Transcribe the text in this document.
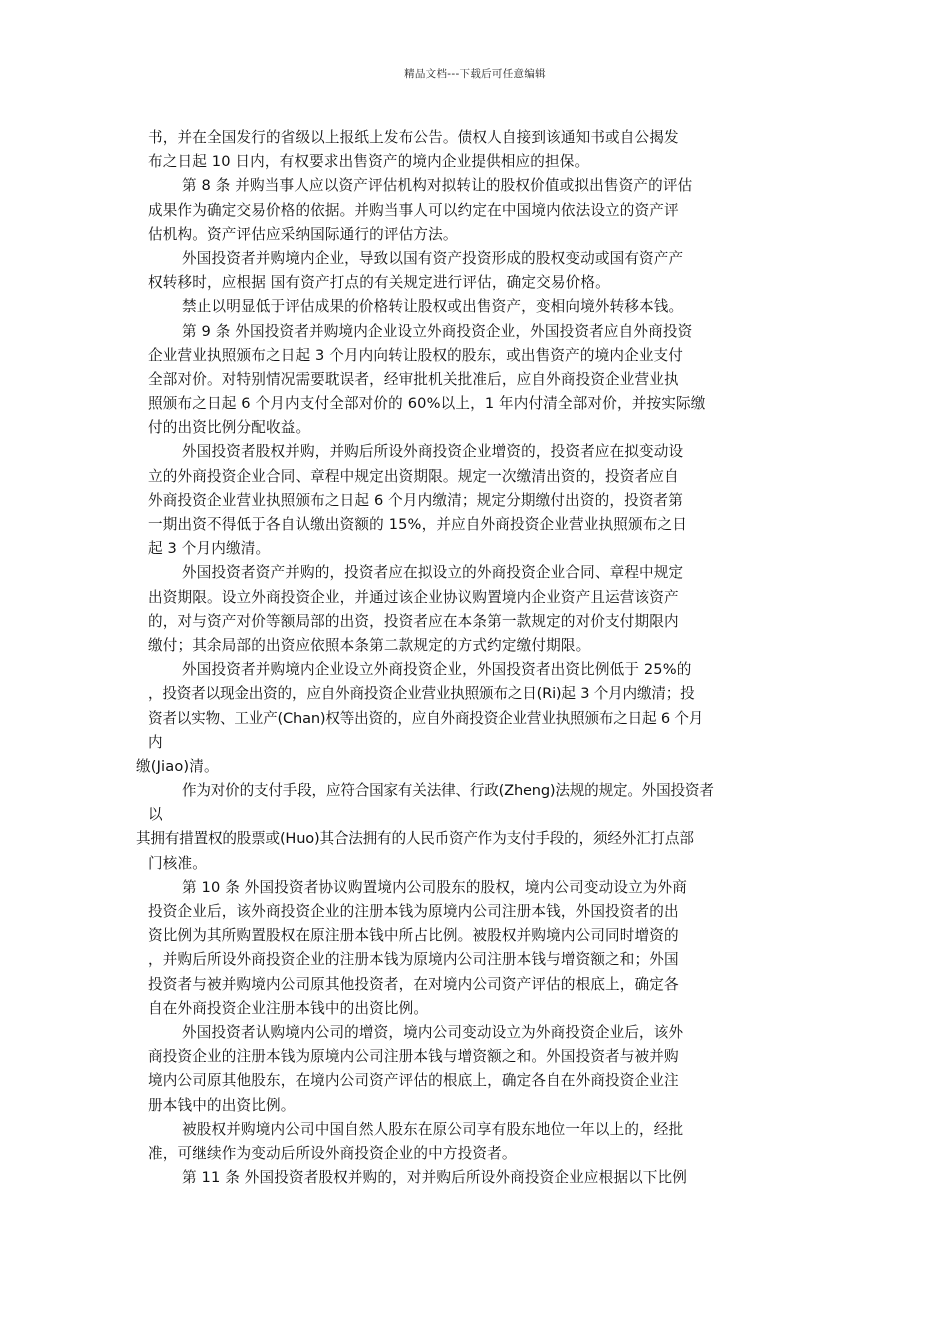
精品文档---下载后可任意编辑
书，并在全国发行的省级以上报纸上发布公告。债权人自接到该通知书或自公揭发
布之日起 10 日内，有权要求出售资产的境内企业提供相应的担保。
第 8 条 并购当事人应以资产评估机构对拟转让的股权价值或拟出售资产的评估
成果作为确定交易价格的依据。并购当事人可以约定在中国境内依法设立的资产评
估机构。资产评估应采纳国际通行的评估方法。
外国投资者并购境内企业，导致以国有资产投资形成的股权变动或国有资产产
权转移时，应根据 国有资产打点的有关规定进行评估，确定交易价格。
禁止以明显低于评估成果的价格转让股权或出售资产，变相向境外转移本钱。
第 9 条 外国投资者并购境内企业设立外商投资企业，外国投资者应自外商投资
企业营业执照颁布之日起 3 个月内向转让股权的股东，或出售资产的境内企业支付
全部对价。对特别情况需要耽误者，经审批机关批准后，应自外商投资企业营业执
照颁布之日起 6 个月内支付全部对价的 60%以上，1 年内付清全部对价，并按实际缴
付的出资比例分配收益。
外国投资者股权并购，并购后所设外商投资企业增资的，投资者应在拟变动设
立的外商投资企业合同、章程中规定出资期限。规定一次缴清出资的，投资者应自
外商投资企业营业执照颁布之日起 6 个月内缴清；规定分期缴付出资的，投资者第
一期出资不得低于各自认缴出资额的 15%，并应自外商投资企业营业执照颁布之日
起 3 个月内缴清。
外国投资者资产并购的，投资者应在拟设立的外商投资企业合同、章程中规定
出资期限。设立外商投资企业，并通过该企业协议购置境内企业资产且运营该资产
的，对与资产对价等额局部的出资，投资者应在本条第一款规定的对价支付期限内
缴付；其余局部的出资应依照本条第二款规定的方式约定缴付期限。
外国投资者并购境内企业设立外商投资企业，外国投资者出资比例低于 25%的
，投资者以现金出资的，应自外商投资企业营业执照颁布之日(Ri)起 3 个月内缴清；投
资者以实物、工业产(Chan)权等出资的，应自外商投资企业营业执照颁布之日起 6 个月
内
缴(Jiao)清。
作为对价的支付手段，应符合国家有关法律、行政(Zheng)法规的规定。外国投资者
以
其拥有措置权的股票或(Huo)其合法拥有的人民币资产作为支付手段的，须经外汇打点部
门核准。
第 10 条 外国投资者协议购置境内公司股东的股权，境内公司变动设立为外商
投资企业后，该外商投资企业的注册本钱为原境内公司注册本钱，外国投资者的出
资比例为其所购置股权在原注册本钱中所占比例。被股权并购境内公司同时增资的
，并购后所设外商投资企业的注册本钱为原境内公司注册本钱与增资额之和；外国
投资者与被并购境内公司原其他投资者，在对境内公司资产评估的根底上，确定各
自在外商投资企业注册本钱中的出资比例。
外国投资者认购境内公司的增资，境内公司变动设立为外商投资企业后，该外
商投资企业的注册本钱为原境内公司注册本钱与增资额之和。外国投资者与被并购
境内公司原其他股东，在境内公司资产评估的根底上，确定各自在外商投资企业注
册本钱中的出资比例。
被股权并购境内公司中国自然人股东在原公司享有股东地位一年以上的，经批
准，可继续作为变动后所设外商投资企业的中方投资者。
第 11 条 外国投资者股权并购的，对并购后所设外商投资企业应根据以下比例
